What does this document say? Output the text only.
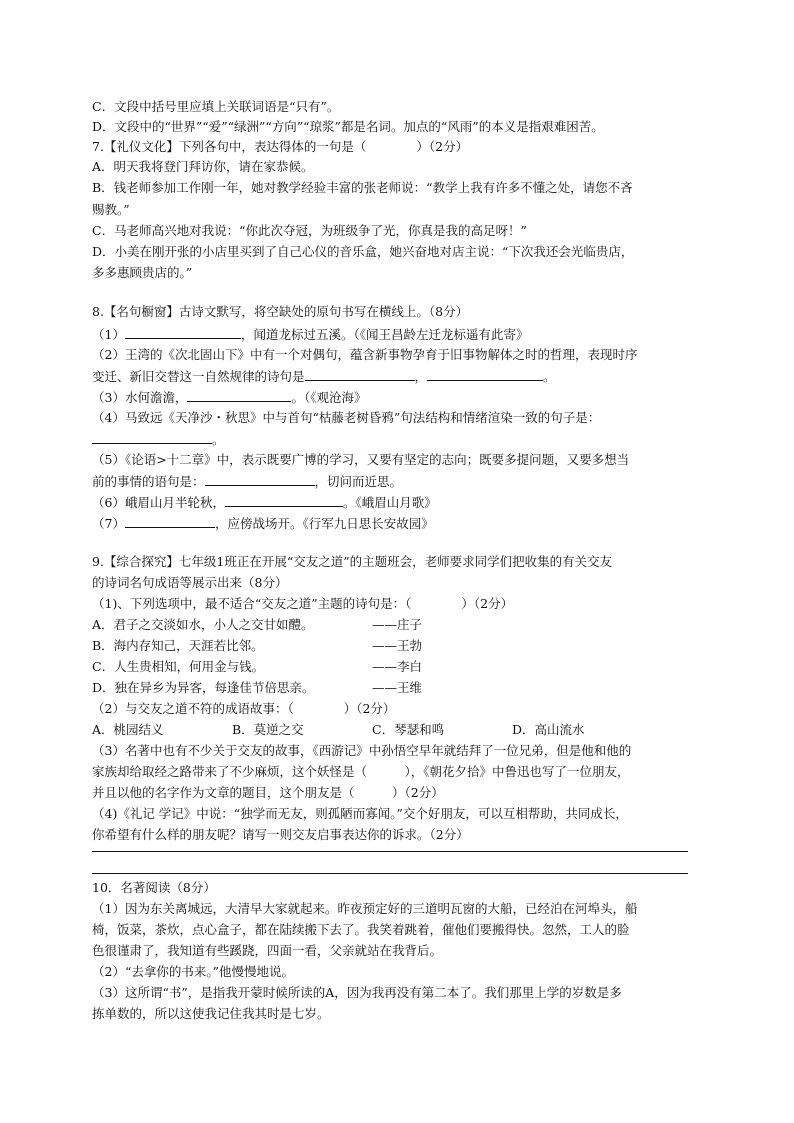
C．文段中括号里应填上关联词语是“只有”。
D．文段中的“世界”“爱”“绿洲”“方向”“琼浆”都是名词。加点的“风雨”的本义是指艰难困苦。
7.【礼仪文化】下列各句中，表达得体的一句是（　　　　）（2分）
A．明天我将登门拜访你，请在家恭候。
B．钱老师参加工作刚一年，她对教学经验丰富的张老师说：“教学上我有许多不懂之处，请您不吝
赐教。”
C．马老师高兴地对我说：“你此次夺冠，为班级争了光，你真是我的高足呀！”
D．小美在刚开张的小店里买到了自己心仪的音乐盒，她兴奋地对店主说：“下次我还会光临贵店，
多多惠顾贵店的。”
8.【名句橱窗】古诗文默写，将空缺处的原句书写在横线上。（8分）
（1）	，闻道龙标过五溪。（《闻王昌龄左迁龙标遥有此寄》
（2）王湾的《次北固山下》中有一个对偶句，蕴含新事物孕育于旧事物解体之时的哲理，表现时序
变迁、新旧交替这一自然规律的诗句是	，	。
（3）水何澹澹，	。（《观沧海》
（4）马致远《天净沙・秋思》中与首句“枯藤老树昏鸦”句法结构和情绪渲染一致的句子是：
。
（5）《论语>十二章》中，表示既要广博的学习，又要有坚定的志向；既要多提问题，又要多想当
前的事情的语句是：	，切问而近思。
（6）峨眉山月半轮秋，	。《峨眉山月歌》
（7）	，应傍战场开。《行军九日思长安故园》
9.【综合探究】七年级1班正在开展“交友之道”的主题班会，老师要求同学们把收集的有关交友
的诗词名句成语等展示出来（8分）
（1)、下列选项中，最不适合“交友之道”主题的诗句是：（　　　　）（2分）
A．君子之交淡如水，小人之交甘如醴。	——庄子
B．海内存知己，天涯若比邻。	——王勃
C．人生贵相知，何用金与钱。	——李白
D．独在异乡为异客，每逢佳节倍思亲。	——王维
（2）与交友之道不符的成语故事：（　　　　）（2分）
A．桃园结义	B．莫逆之交	C．琴瑟和鸣	D．高山流水
（3）名著中也有不少关于交友的故事，《西游记》中孙悟空早年就结拜了一位兄弟，但是他和他的
家族却给取经之路带来了不少麻烦，这个妖怪是（　　　），《朝花夕拾》中鲁迅也写了一位朋友，
并且以他的名字作为文章的题目，这个朋友是（　　　）（2分）
（4)《礼记 学记》中说：“独学而无友，则孤陋而寡闻。”交个好朋友，可以互相帮助，共同成长，
你希望有什么样的朋友呢？请写一则交友启事表达你的诉求。（2分）
10．名著阅读（8分）
（1）因为东关离城远，大清早大家就起来。昨夜预定好的三道明瓦窗的大船，已经泊在河埠头，船
椅，饭菜，茶炊，点心盒子，都在陆续搬下去了。我笑着跳着，催他们要搬得快。忽然，工人的脸
色很谨肃了，我知道有些蹊跷，四面一看，父亲就站在我背后。
（2）“去拿你的书来。”他慢慢地说。
（3）这所谓“书”，是指我开蒙时候所读的A，因为我再没有第二本了。我们那里上学的岁数是多
拣单数的，所以这使我记住我其时是七岁。
